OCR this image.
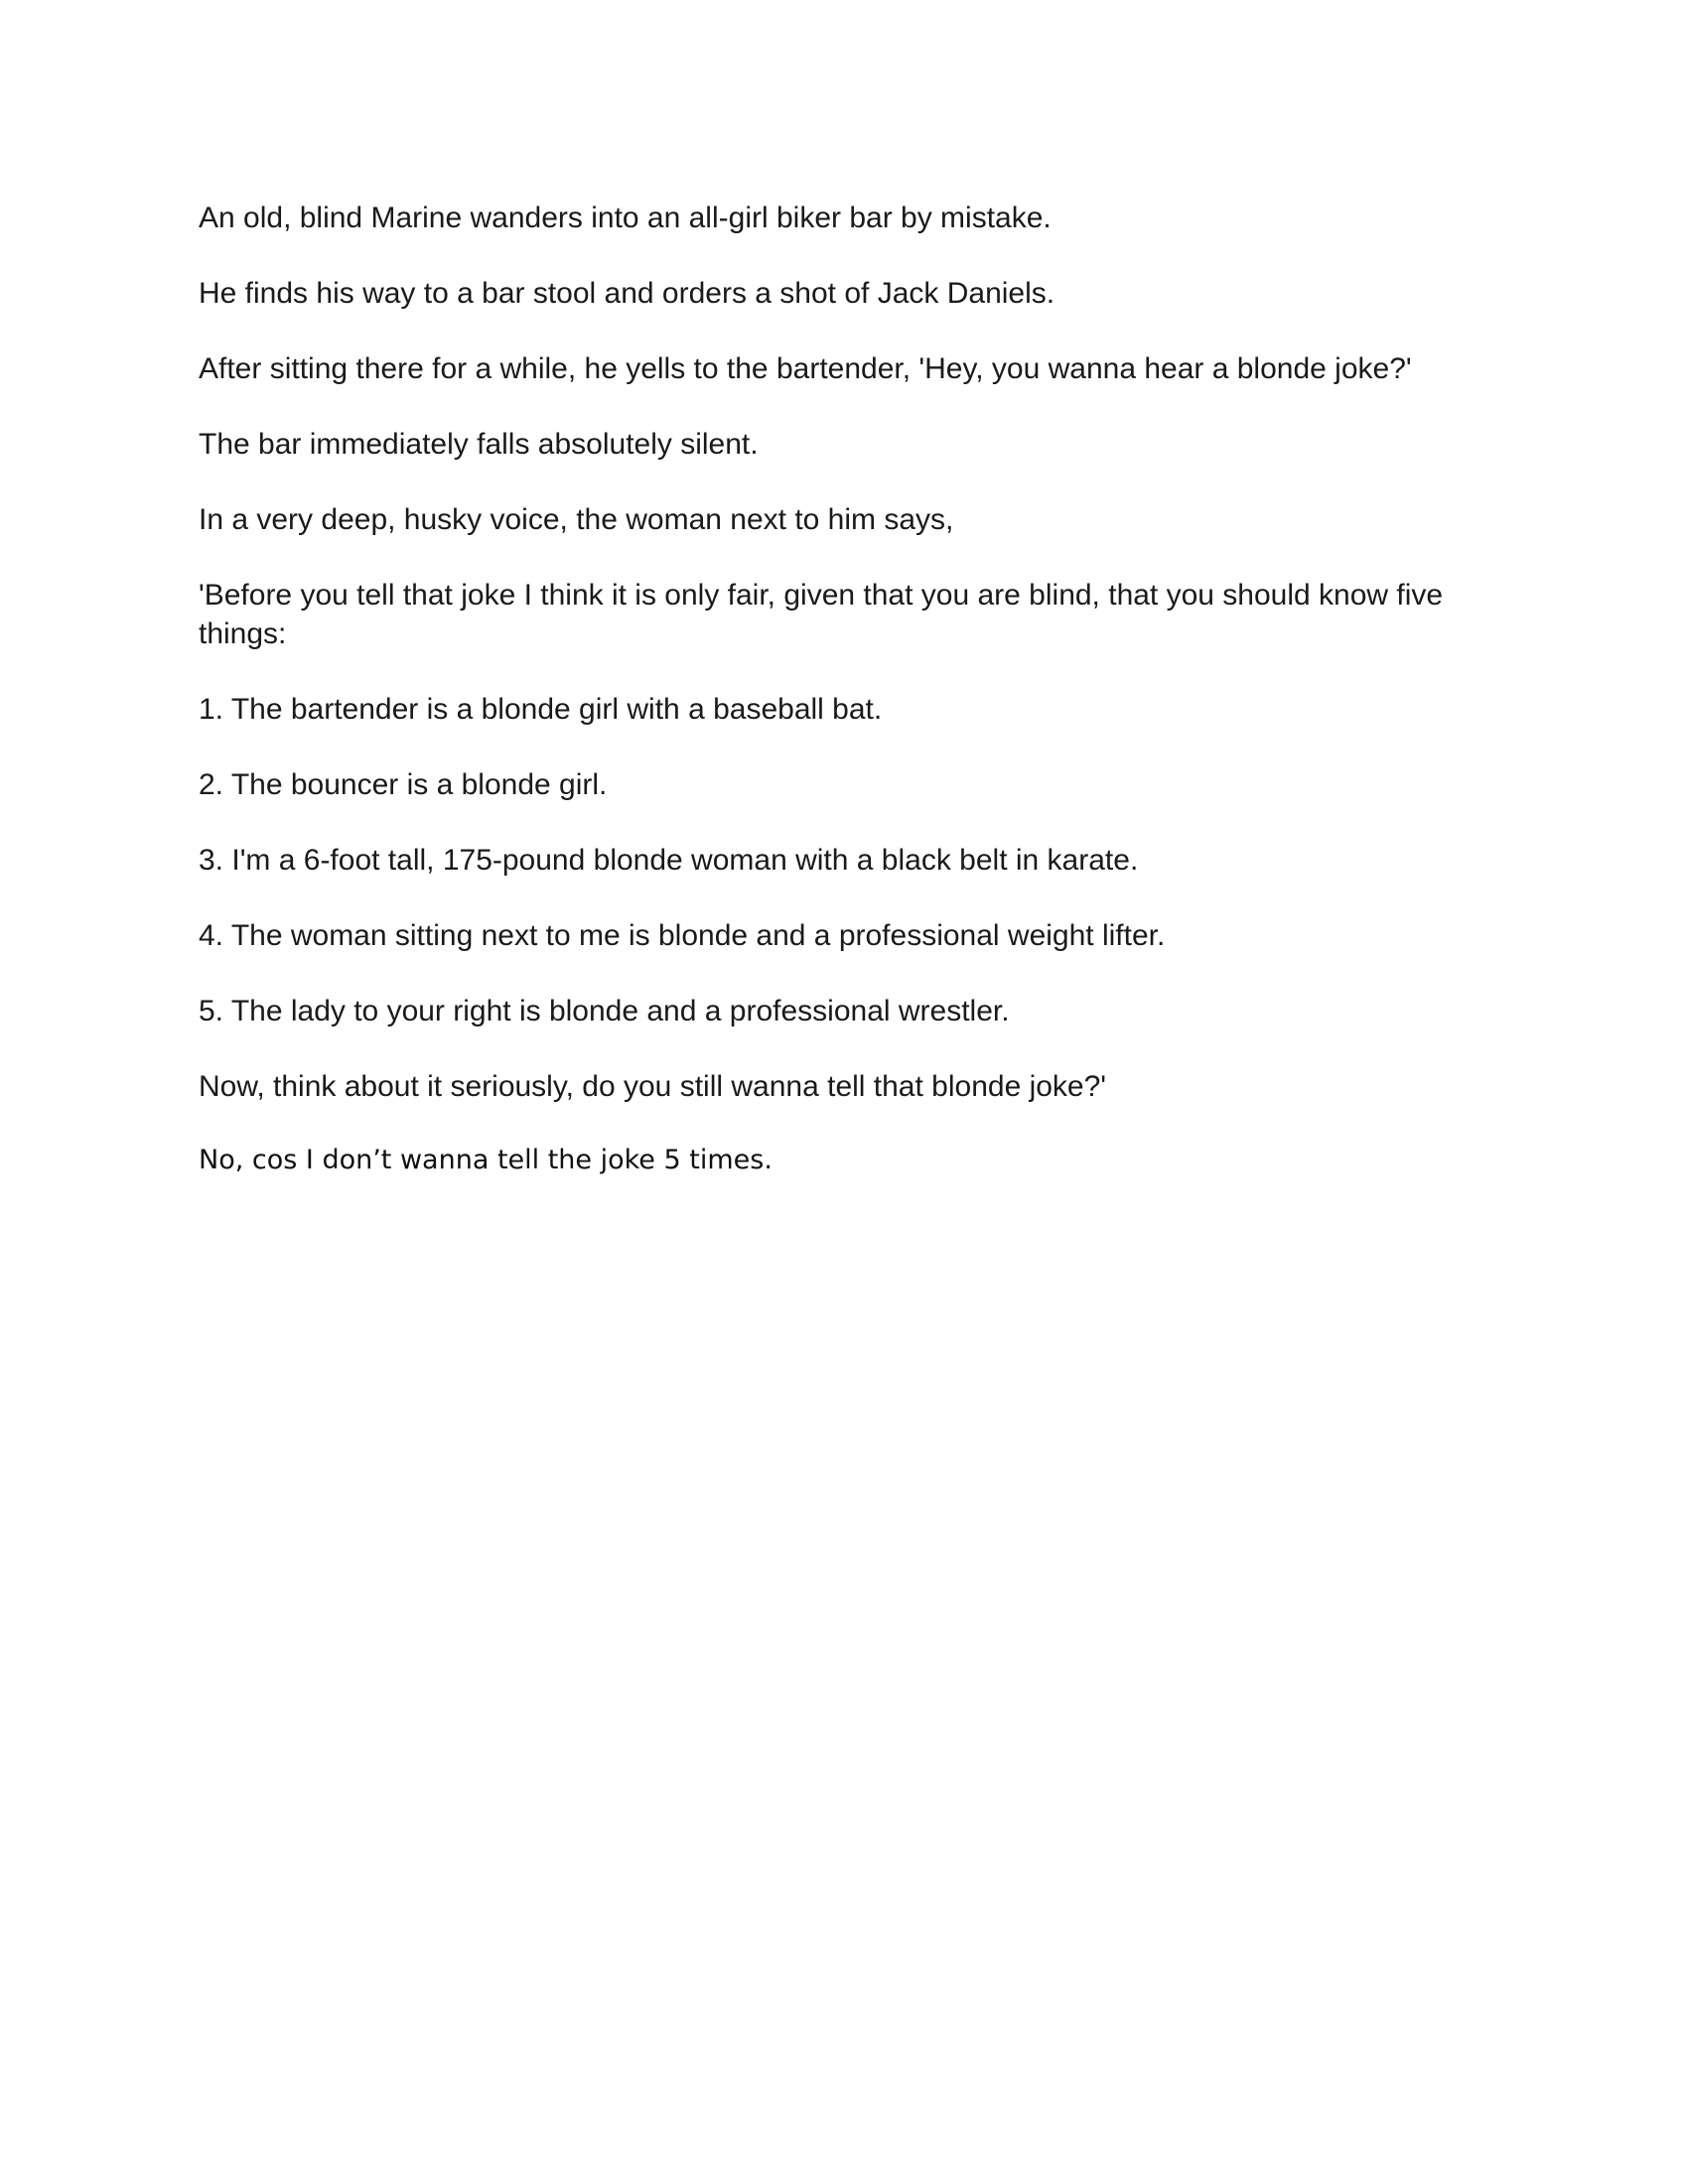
An old, blind Marine wanders into an all-girl biker bar by mistake.

He finds his way to a bar stool and orders a shot of Jack Daniels.

After sitting there for a while, he yells to the bartender, 'Hey, you wanna hear a blonde joke?'

The bar immediately falls absolutely silent.

In a very deep, husky voice, the woman next to him says,

'Before you tell that joke I think it is only fair, given that you are blind, that you should know five things:

1. The bartender is a blonde girl with a baseball bat.

2. The bouncer is a blonde girl.

3. I'm a 6-foot tall, 175-pound blonde woman with a black belt in karate.

4. The woman sitting next to me is blonde and a professional weight lifter.

5. The lady to your right is blonde and a professional wrestler.

Now, think about it seriously, do you still wanna tell that blonde joke?'

No, cos I don’t wanna tell the joke 5 times.
